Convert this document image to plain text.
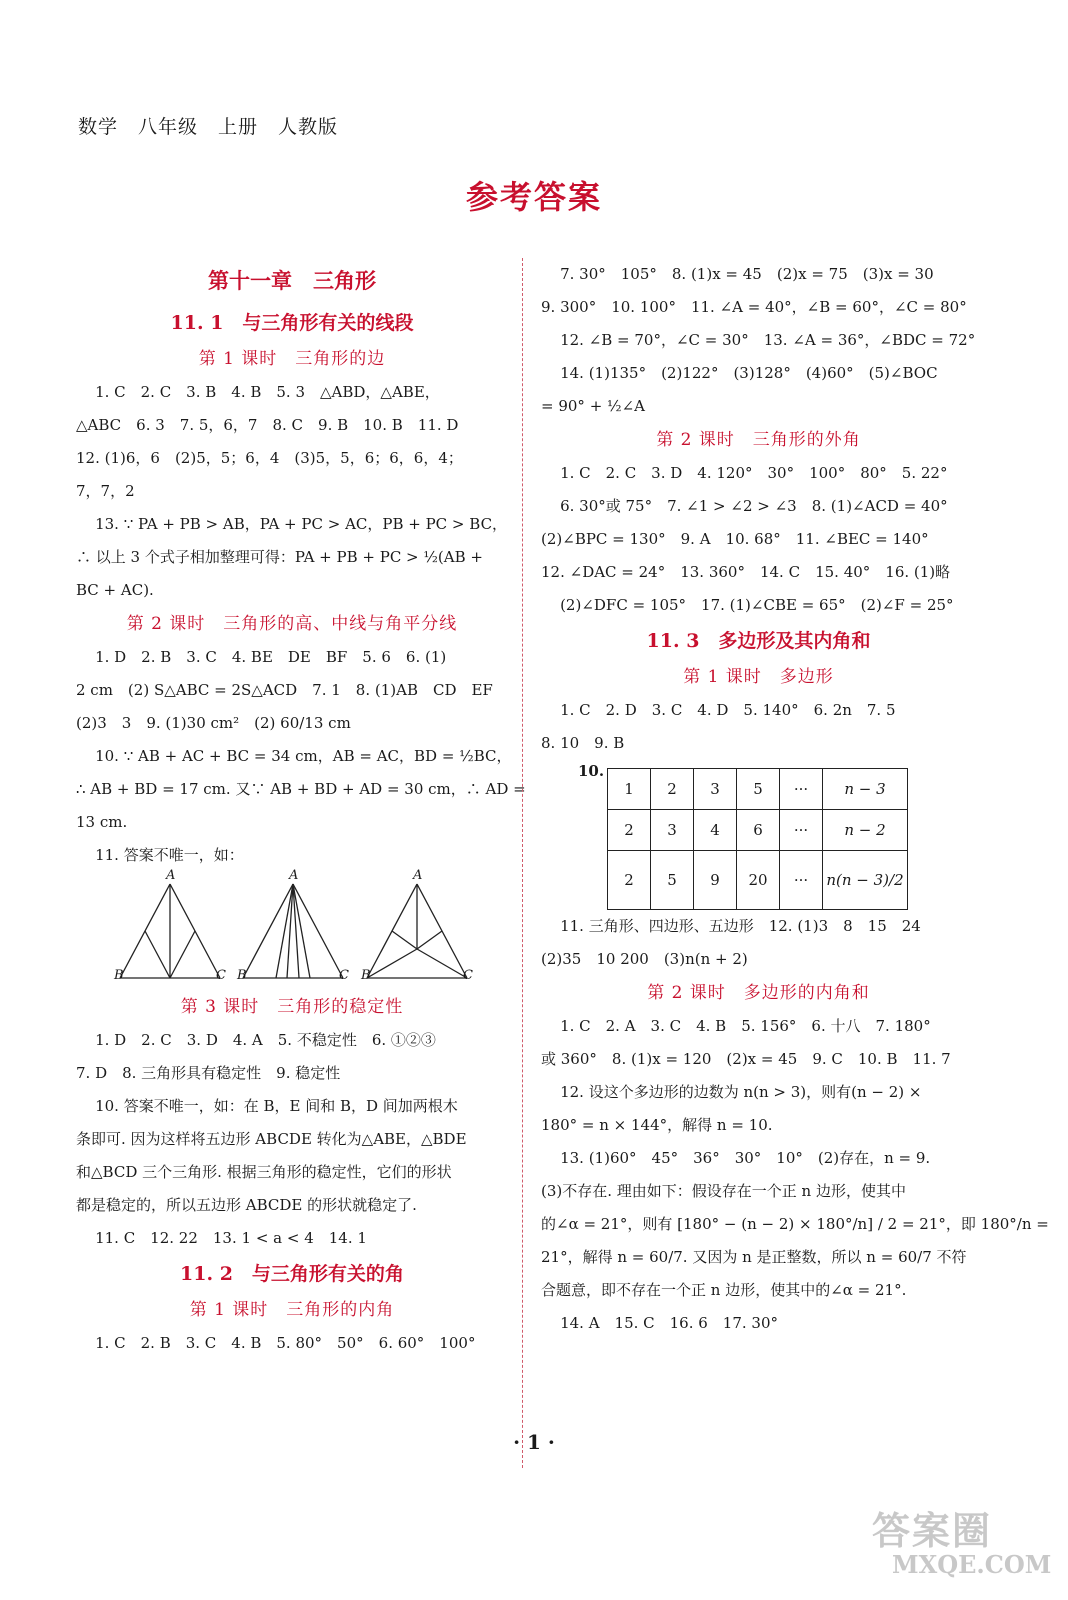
数学　八年级　上册　人教版
参考答案
第十一章　三角形
11. 1　与三角形有关的线段
第 1 课时　三角形的边
1. C　2. C　3. B　4. B　5. 3　△ABD，△ABE，
△ABC　6. 3　7. 5，6，7　8. C　9. B　10. B　11. D
12. (1)6，6　(2)5，5；6，4　(3)5，5，6；6，6，4；
7，7，2
13. ∵ PA + PB > AB，PA + PC > AC，PB + PC > BC，
∴ 以上 3 个式子相加整理可得：PA + PB + PC > ½(AB +
BC + AC).
第 2 课时　三角形的高、中线与角平分线
1. D　2. B　3. C　4. BE　DE　BF　5. 6　6. (1)
2 cm　(2) S△ABC = 2S△ACD　7. 1　8. (1)AB　CD　EF
(2)3　3　9. (1)30 cm²　(2) 60/13 cm
10. ∵ AB + AC + BC = 34 cm，AB = AC，BD = ½BC，
∴ AB + BD = 17 cm. 又∵ AB + BD + AD = 30 cm，∴ AD =
13 cm.
11. 答案不唯一，如：
A
B	C
A
B	C
A
B	C
第 3 课时　三角形的稳定性
1. D　2. C　3. D　4. A　5. 不稳定性　6. ①②③
7. D　8. 三角形具有稳定性　9. 稳定性
10. 答案不唯一，如：在 B，E 间和 B，D 间加两根木
条即可. 因为这样将五边形 ABCDE 转化为△ABE，△BDE
和△BCD 三个三角形. 根据三角形的稳定性，它们的形状
都是稳定的，所以五边形 ABCDE 的形状就稳定了.
11. C　12. 22　13. 1 < a < 4　14. 1
11. 2　与三角形有关的角
第 1 课时　三角形的内角
1. C　2. B　3. C　4. B　5. 80°　50°　6. 60°　100°
7. 30°　105°　8. (1)x = 45　(2)x = 75　(3)x = 30
9. 300°　10. 100°　11. ∠A = 40°，∠B = 60°，∠C = 80°
12. ∠B = 70°，∠C = 30°　13. ∠A = 36°，∠BDC = 72°
14. (1)135°　(2)122°　(3)128°　(4)60°　(5)∠BOC
= 90° + ½∠A
第 2 课时　三角形的外角
1. C　2. C　3. D　4. 120°　30°　100°　80°　5. 22°
6. 30°或 75°　7. ∠1 > ∠2 > ∠3　8. (1)∠ACD = 40°
(2)∠BPC = 130°　9. A　10. 68°　11. ∠BEC = 140°
12. ∠DAC = 24°　13. 360°　14. C　15. 40°　16. (1)略
(2)∠DFC = 105°　17. (1)∠CBE = 65°　(2)∠F = 25°
11. 3　多边形及其内角和
第 1 课时　多边形
1. C　2. D　3. C　4. D　5. 140°　6. 2n　7. 5
8. 10　9. B
10.
1	2	3	5	···	n − 3
2	3	4	6	···	n − 2
2	5	9	20	···	n(n − 3)/2
11. 三角形、四边形、五边形　12. (1)3　8　15　24
(2)35　10 200　(3)n(n + 2)
第 2 课时　多边形的内角和
1. C　2. A　3. C　4. B　5. 156°　6. 十八　7. 180°
或 360°　8. (1)x = 120　(2)x = 45　9. C　10. B　11. 7
12. 设这个多边形的边数为 n(n > 3)，则有(n − 2) ×
180° = n × 144°，解得 n = 10.
13. (1)60°　45°　36°　30°　10°　(2)存在，n = 9.
(3)不存在. 理由如下：假设存在一个正 n 边形，使其中
的∠α = 21°，则有 [180° − (n − 2) × 180°/n] / 2 = 21°，即 180°/n =
21°，解得 n = 60/7. 又因为 n 是正整数，所以 n = 60/7 不符
合题意，即不存在一个正 n 边形，使其中的∠α = 21°.
14. A　15. C　16. 6　17. 30°
· 1 ·
答案圈
MXQE.COM
